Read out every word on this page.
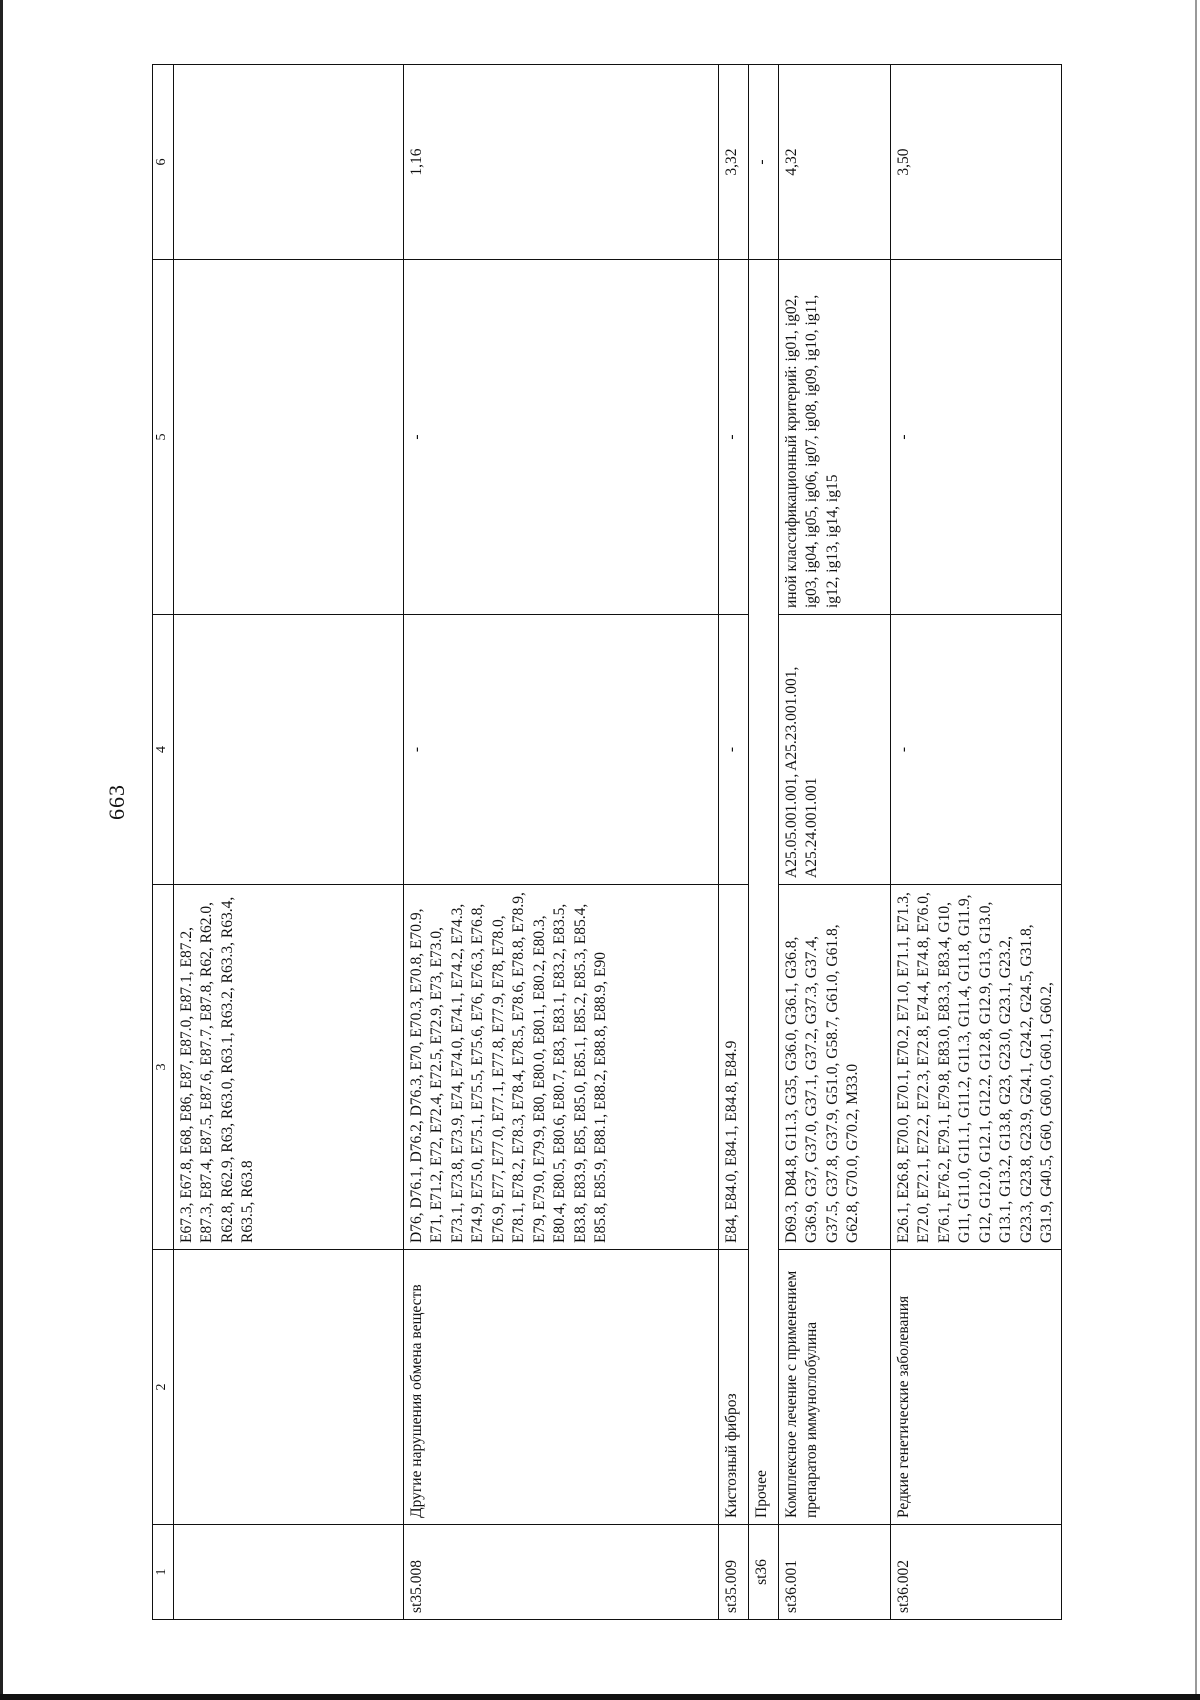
663
1	2	3	4	5	6
		E67.3, E67.8, E68, E86, E87, E87.0, E87.1, E87.2, E87.3, E87.4, E87.5, E87.6, E87.7, E87.8, R62, R62.0, R62.8, R62.9, R63, R63.0, R63.1, R63.2, R63.3, R63.4, R63.5, R63.8			
st35.008	Другие нарушения обмена веществ	D76, D76.1, D76.2, D76.3, E70, E70.3, E70.8, E70.9, E71, E71.2, E72, E72.4, E72.5, E72.9, E73, E73.0, E73.1, E73.8, E73.9, E74, E74.0, E74.1, E74.2, E74.3, E74.9, E75.0, E75.1, E75.5, E75.6, E76, E76.3, E76.8, E76.9, E77, E77.0, E77.1, E77.8, E77.9, E78, E78.0, E78.1, E78.2, E78.3, E78.4, E78.5, E78.6, E78.8, E78.9, E79, E79.0, E79.9, E80, E80.0, E80.1, E80.2, E80.3, E80.4, E80.5, E80.6, E80.7, E83, E83.1, E83.2, E83.5, E83.8, E83.9, E85, E85.0, E85.1, E85.2, E85.3, E85.4, E85.8, E85.9, E88.1, E88.2, E88.8, E88.9, E90	-	-	1,16
st35.009	Кистозный фиброз	E84, E84.0, E84.1, E84.8, E84.9	-	-	3,32
st36	Прочее				-
st36.001	Комплексное лечение с применением препаратов иммуноглобулина	D69.3, D84.8, G11.3, G35, G36.0, G36.1, G36.8, G36.9, G37, G37.0, G37.1, G37.2, G37.3, G37.4, G37.5, G37.8, G37.9, G51.0, G58.7, G61.0, G61.8, G62.8, G70.0, G70.2, M33.0	A25.05.001.001, A25.23.001.001, A25.24.001.001	иной классификационный критерий: ig01, ig02, ig03, ig04, ig05, ig06, ig07, ig08, ig09, ig10, ig11, ig12, ig13, ig14, ig15	4,32
st36.002	Редкие генетические заболевания	E26.1, E26.8, E70.0, E70.1, E70.2, E71.0, E71.1, E71.3, E72.0, E72.1, E72.2, E72.3, E72.8, E74.4, E74.8, E76.0, E76.1, E76.2, E79.1, E79.8, E83.0, E83.3, E83.4, G10, G11, G11.0, G11.1, G11.2, G11.3, G11.4, G11.8, G11.9, G12, G12.0, G12.1, G12.2, G12.8, G12.9, G13, G13.0, G13.1, G13.2, G13.8, G23, G23.0, G23.1, G23.2, G23.3, G23.8, G23.9, G24.1, G24.2, G24.5, G31.8, G31.9, G40.5, G60, G60.0, G60.1, G60.2,	-	-	3,50
